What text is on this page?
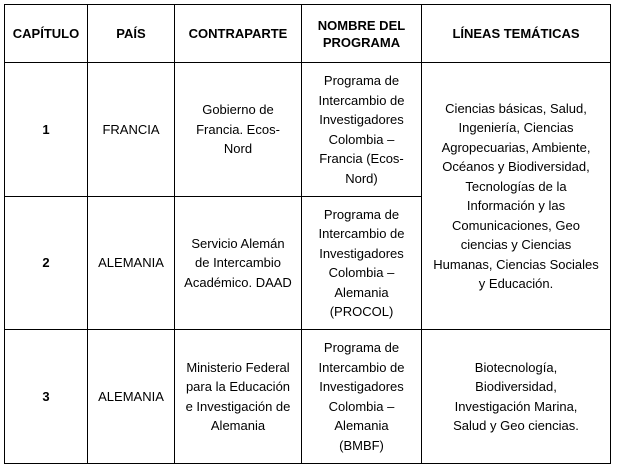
CAPÍTULO	PAÍS	CONTRAPARTE	NOMBRE DEL PROGRAMA	LÍNEAS TEMÁTICAS
1	FRANCIA	Gobierno de Francia. Ecos-Nord	Programa de Intercambio de Investigadores Colombia – Francia (Ecos-Nord)	Ciencias básicas, Salud, Ingeniería, Ciencias Agropecuarias, Ambiente, Océanos y Biodiversidad, Tecnologías de la Información y las Comunicaciones, Geo ciencias y Ciencias Humanas, Ciencias Sociales y Educación.
2	ALEMANIA	Servicio Alemán de Intercambio Académico. DAAD	Programa de Intercambio de Investigadores Colombia – Alemania (PROCOL)	
3	ALEMANIA	Ministerio Federal para la Educación e Investigación de Alemania	Programa de Intercambio de Investigadores Colombia – Alemania (BMBF)	Biotecnología, Biodiversidad, Investigación Marina, Salud y Geo ciencias.
